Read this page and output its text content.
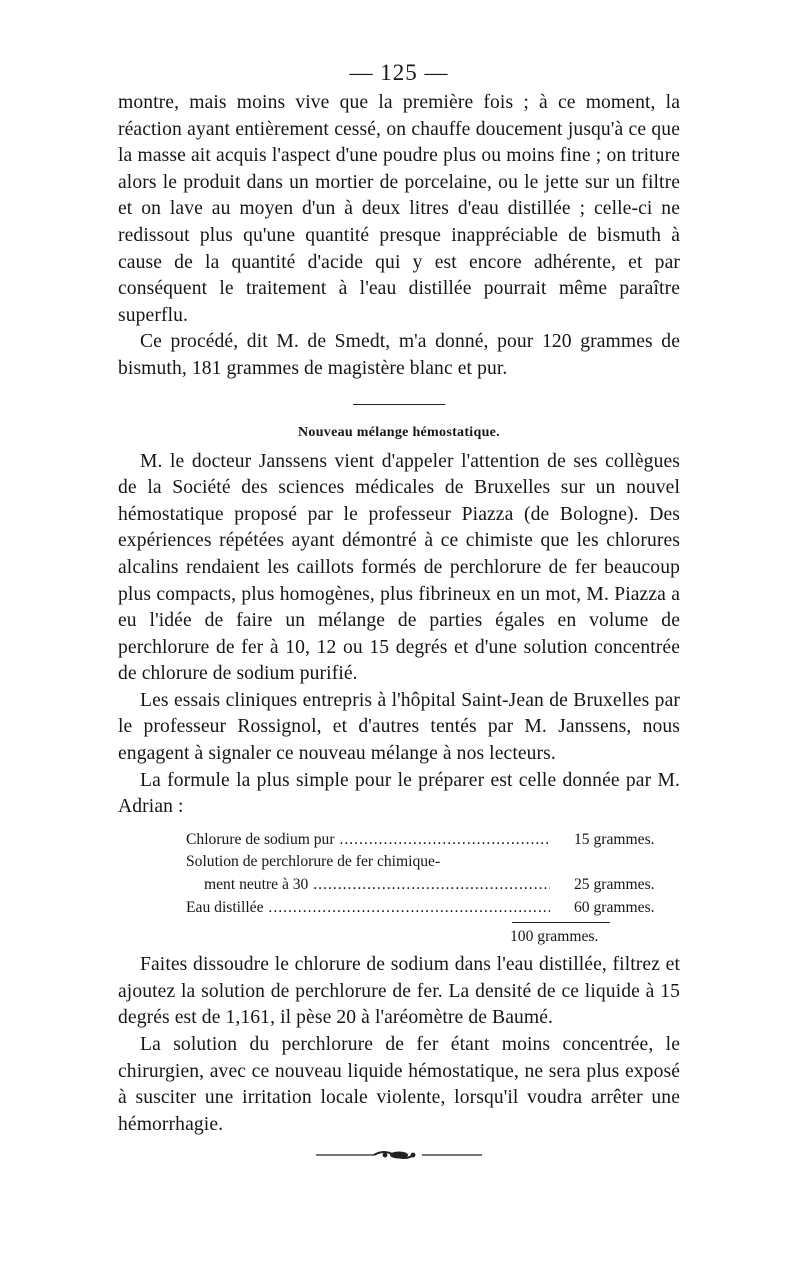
— 125 —

montre, mais moins vive que la première fois ; à ce moment, la réaction ayant entièrement cessé, on chauffe doucement jusqu'à ce que la masse ait acquis l'aspect d'une poudre plus ou moins fine ; on triture alors le produit dans un mortier de porcelaine, ou le jette sur un filtre et on lave au moyen d'un à deux litres d'eau distillée ; celle-ci ne redissout plus qu'une quantité presque inappréciable de bismuth à cause de la quantité d'acide qui y est encore adhérente, et par conséquent le traitement à l'eau distillée pourrait même paraître superflu.

Ce procédé, dit M. de Smedt, m'a donné, pour 120 grammes de bismuth, 181 grammes de magistère blanc et pur.

Nouveau mélange hémostatique.

M. le docteur Janssens vient d'appeler l'attention de ses collègues de la Société des sciences médicales de Bruxelles sur un nouvel hémostatique proposé par le professeur Piazza (de Bologne). Des expériences répétées ayant démontré à ce chimiste que les chlorures alcalins rendaient les caillots formés de perchlorure de fer beaucoup plus compacts, plus homogènes, plus fibrineux en un mot, M. Piazza a eu l'idée de faire un mélange de parties égales en volume de perchlorure de fer à 10, 12 ou 15 degrés et d'une solution concentrée de chlorure de sodium purifié.

Les essais cliniques entrepris à l'hôpital Saint-Jean de Bruxelles par le professeur Rossignol, et d'autres tentés par M. Janssens, nous engagent à signaler ce nouveau mélange à nos lecteurs.

La formule la plus simple pour le préparer est celle donnée par M. Adrian :

Chlorure de sodium pur .....	15 grammes.
Solution de perchlorure de fer chimique-
ment neutre à 30 .....	25 grammes.
Eau distillée .....	60 grammes.
100 grammes.

Faites dissoudre le chlorure de sodium dans l'eau distillée, filtrez et ajoutez la solution de perchlorure de fer. La densité de ce liquide à 15 degrés est de 1,161, il pèse 20 à l'aréomètre de Baumé.

La solution du perchlorure de fer étant moins concentrée, le chirurgien, avec ce nouveau liquide hémostatique, ne sera plus exposé à susciter une irritation locale violente, lorsqu'il voudra arrêter une hémorrhagie.
